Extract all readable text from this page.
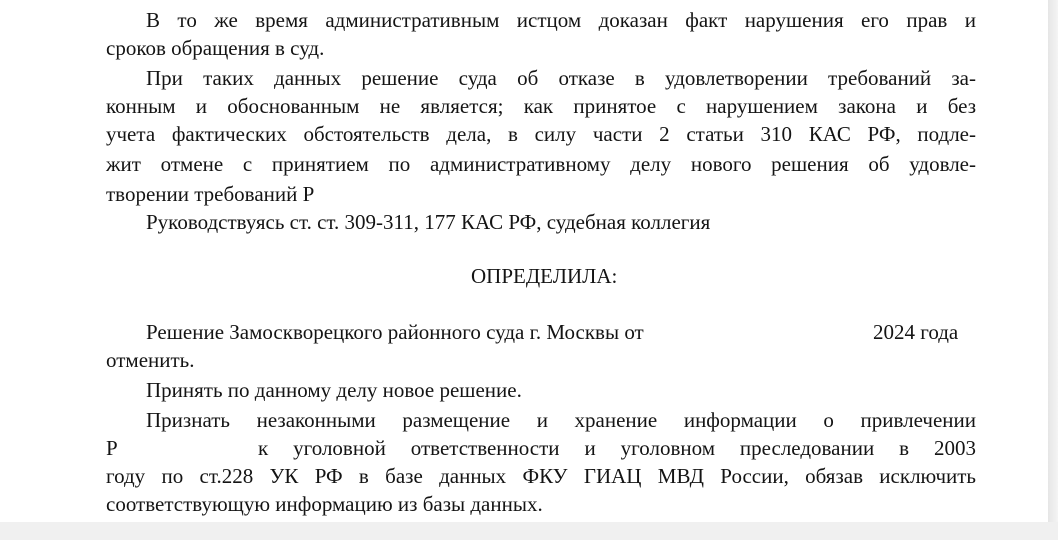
В то же время административным истцом доказан факт нарушения его прав и
сроков обращения в суд.
При таких данных решение суда об отказе в удовлетворении требований за-
конным и обоснованным не является; как принятое с нарушением закона и без
учета фактических обстоятельств дела, в силу части 2 статьи 310 КАС РФ, подле-
жит отмене с принятием по административному делу нового решения об удовле-
творении требований Р
Руководствуясь ст. ст. 309-311, 177 КАС РФ, судебная коллегия
ОПРЕДЕЛИЛА:
Решение Замоскворецкого районного суда г. Москвы от	2024 года
отменить.
Принять по данному делу новое решение.
Признать незаконными размещение и хранение информации о привлечении
Р	к уголовной ответственности и уголовном преследовании в 2003
году по ст.228 УК РФ в базе данных ФКУ ГИАЦ МВД России, обязав исключить
соответствующую информацию из базы данных.
